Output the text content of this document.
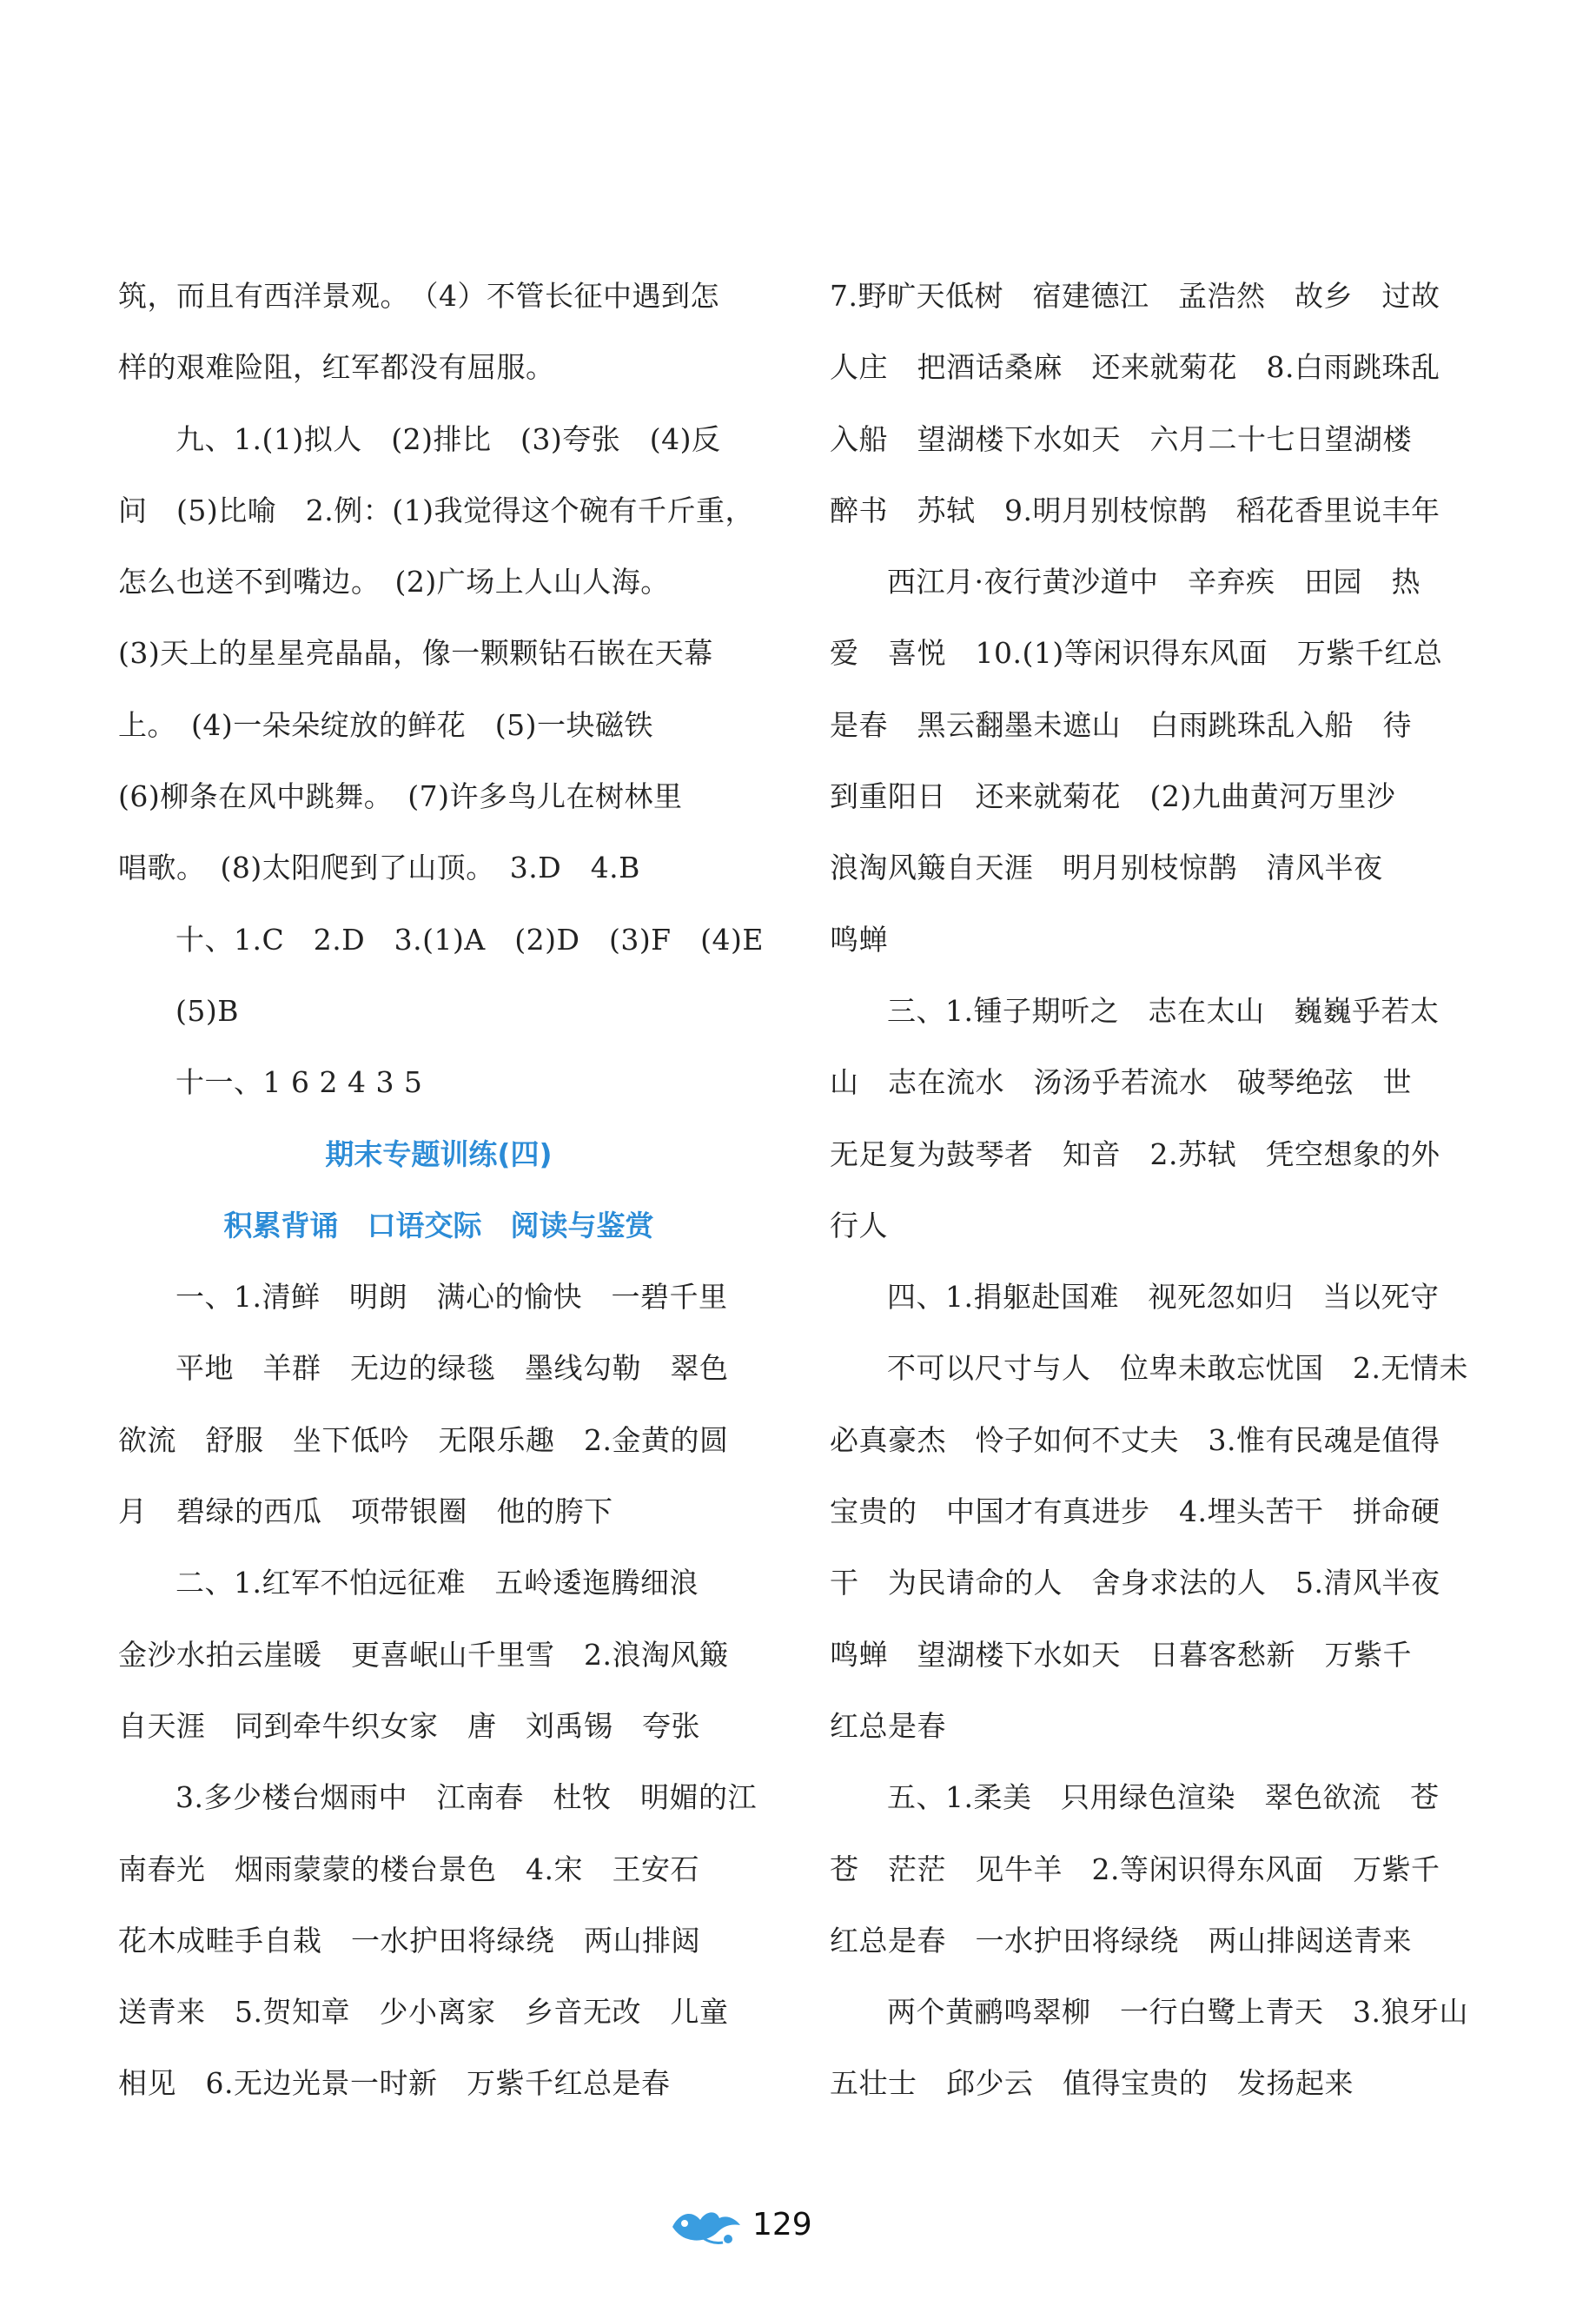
筑，而且有西洋景观。　（4）不管长征中遇到怎
样的艰难险阻，红军都没有屈服。
九、1.(1)拟人　(2)排比　(3)夸张　(4)反
问　(5)比喻　2.例：(1)我觉得这个碗有千斤重，
怎么也送不到嘴边。　(2)广场上人山人海。
(3)天上的星星亮晶晶，像一颗颗钻石嵌在天幕
上。　(4)一朵朵绽放的鲜花　(5)一块磁铁
(6)柳条在风中跳舞。　(7)许多鸟儿在树林里
唱歌。　(8)太阳爬到了山顶。　3.D　4.B
十、1.C　2.D　3.(1)A　(2)D　(3)F　(4)E
(5)B
十一、1 6 2 4 3 5
期末专题训练(四)
积累背诵　口语交际　阅读与鉴赏
一、1.清鲜　明朗　满心的愉快　一碧千里
平地　羊群　无边的绿毯　墨线勾勒　翠色
欲流　舒服　坐下低吟　无限乐趣　2.金黄的圆
月　碧绿的西瓜　项带银圈　他的胯下
二、1.红军不怕远征难　五岭逶迤腾细浪
金沙水拍云崖暖　更喜岷山千里雪　2.浪淘风簸
自天涯　同到牵牛织女家　唐　刘禹锡　夸张
3.多少楼台烟雨中　江南春　杜牧　明媚的江
南春光　烟雨蒙蒙的楼台景色　4.宋　王安石
花木成畦手自栽　一水护田将绿绕　两山排闼
送青来　5.贺知章　少小离家　乡音无改　儿童
相见　6.无边光景一时新　万紫千红总是春
7.野旷天低树　宿建德江　孟浩然　故乡　过故
人庄　把酒话桑麻　还来就菊花　8.白雨跳珠乱
入船　望湖楼下水如天　六月二十七日望湖楼
醉书　苏轼　9.明月别枝惊鹊　稻花香里说丰年
西江月·夜行黄沙道中　辛弃疾　田园　热
爱　喜悦　10.(1)等闲识得东风面　万紫千红总
是春　黑云翻墨未遮山　白雨跳珠乱入船　待
到重阳日　还来就菊花　(2)九曲黄河万里沙
浪淘风簸自天涯　明月别枝惊鹊　清风半夜
鸣蝉
三、1.锺子期听之　志在太山　巍巍乎若太
山　志在流水　汤汤乎若流水　破琴绝弦　世
无足复为鼓琴者　知音　2.苏轼　凭空想象的外
行人
四、1.捐躯赴国难　视死忽如归　当以死守
不可以尺寸与人　位卑未敢忘忧国　2.无情未
必真豪杰　怜子如何不丈夫　3.惟有民魂是值得
宝贵的　中国才有真进步　4.埋头苦干　拼命硬
干　为民请命的人　舍身求法的人　5.清风半夜
鸣蝉　望湖楼下水如天　日暮客愁新　万紫千
红总是春
五、1.柔美　只用绿色渲染　翠色欲流　苍
苍　茫茫　见牛羊　2.等闲识得东风面　万紫千
红总是春　一水护田将绿绕　两山排闼送青来
两个黄鹂鸣翠柳　一行白鹭上青天　3.狼牙山
五壮士　邱少云　值得宝贵的　发扬起来
129
